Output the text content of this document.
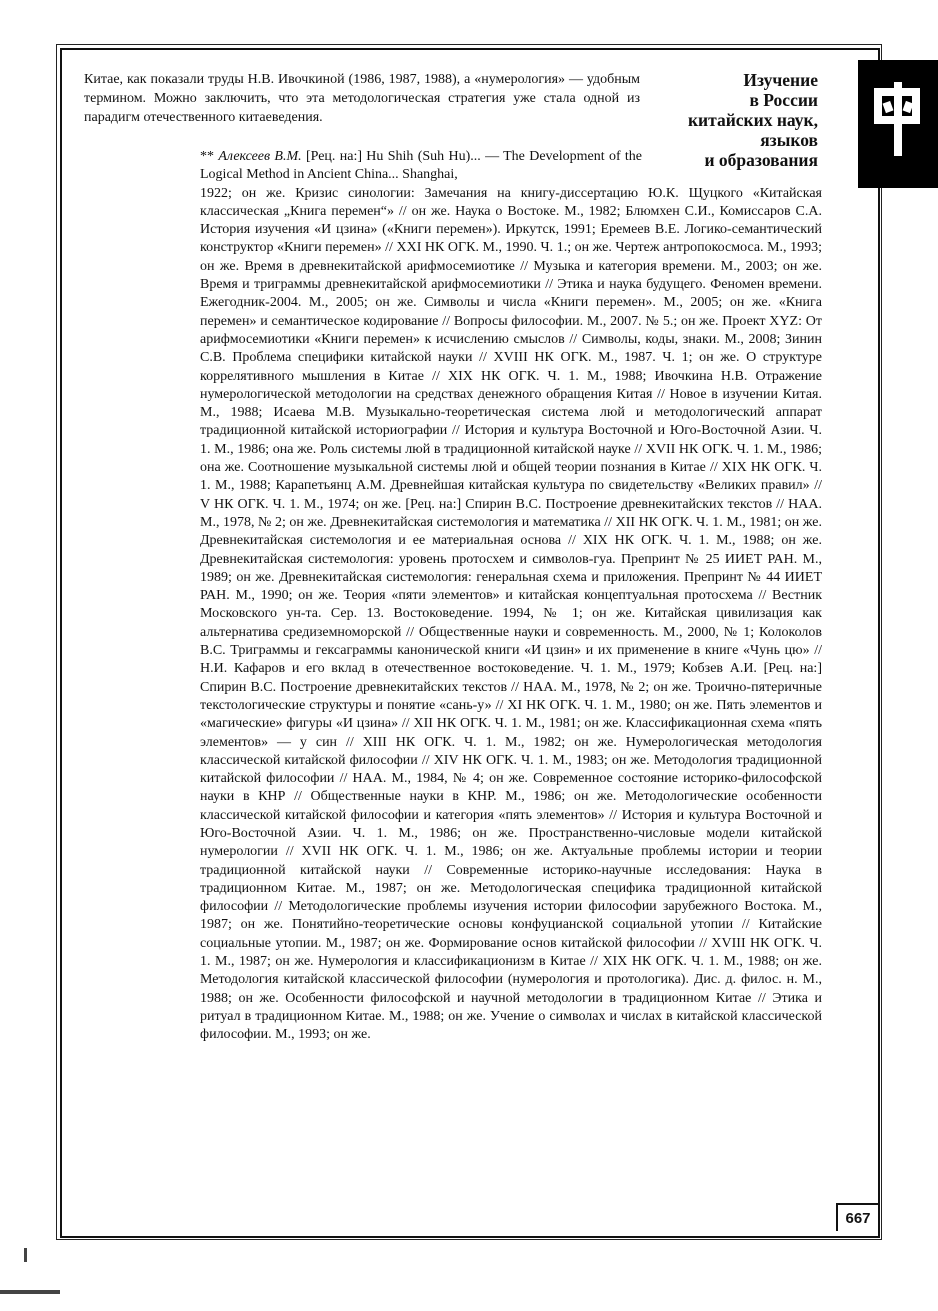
Китае, как показали труды Н.В. Ивочкиной (1986, 1987, 1988), а «нумерология» — удобным термином. Можно заключить, что эта методологическая стратегия уже стала одной из парадигм отечественного китаеведения.
Изучение
в России
китайских наук,
языков
и образования
** Алексеев В.М. [Рец. на:] Hu Shih (Suh Hu)... — The Development of the Logical Method in Ancient China... Shanghai,
1922; он же. Кризис синологии: Замечания на книгу-диссертацию Ю.К. Щуцкого «Китайская классическая „Книга перемен“» // он же. Наука о Востоке. М., 1982; Блюмхен С.И., Комиссаров С.А. История изучения «И цзина» («Книги перемен»). Иркутск, 1991; Еремеев В.Е. Логико-семантический конструктор «Книги перемен» // XXI НК ОГК. М., 1990. Ч. 1.; он же. Чертеж антропокосмоса. М., 1993; он же. Время в древнекитайской арифмосемиотике // Музыка и категория времени. М., 2003; он же. Время и триграммы древнекитайской арифмосемиотики // Этика и наука будущего. Феномен времени. Ежегодник-2004. М., 2005; он же. Символы и числа «Книги перемен». М., 2005; он же. «Книга перемен» и семантическое кодирование // Вопросы философии. М., 2007. № 5.; он же. Проект XYZ: От арифмосемиотики «Книги перемен» к исчислению смыслов // Символы, коды, знаки. М., 2008; Зинин С.В. Проблема специфики китайской науки // XVIII НК ОГК. М., 1987. Ч. 1; он же. О структуре коррелятивного мышления в Китае // XIX НК ОГК. Ч. 1. М., 1988; Ивочкина Н.В. Отражение нумерологической методологии на средствах денежного обращения Китая // Новое в изучении Китая. М., 1988; Исаева М.В. Музыкально-теоретическая система люй и методологический аппарат традиционной китайской историографии // История и культура Восточной и Юго-Восточной Азии. Ч. 1. М., 1986; она же. Роль системы люй в традиционной китайской науке // XVII НК ОГК. Ч. 1. М., 1986; она же. Соотношение музыкальной системы люй и общей теории познания в Китае // XIX НК ОГК. Ч. 1. М., 1988; Карапетьянц А.М. Древнейшая китайская культура по свидетельству «Великих правил» // V НК ОГК. Ч. 1. М., 1974; он же. [Рец. на:] Спирин В.С. Построение древнекитайских текстов // НАА. М., 1978, № 2; он же. Древнекитайская системология и математика // XII НК ОГК. Ч. 1. М., 1981; он же. Древнекитайская системология и ее материальная основа // XIX НК ОГК. Ч. 1. М., 1988; он же. Древнекитайская системология: уровень протосхем и символов-гуа. Препринт № 25 ИИЕТ РАН. М., 1989; он же. Древнекитайская системология: генеральная схема и приложения. Препринт № 44 ИИЕТ РАН. М., 1990; он же. Теория «пяти элементов» и китайская концептуальная протосхема // Вестник Московского ун-та. Сер. 13. Востоковедение. 1994, № 1; он же. Китайская цивилизация как альтернатива средиземноморской // Общественные науки и современность. М., 2000, № 1; Колоколов В.С. Триграммы и гексаграммы канонической книги «И цзин» и их применение в книге «Чунь цю» // Н.И. Кафаров и его вклад в отечественное востоковедение. Ч. 1. М., 1979; Кобзев А.И. [Рец. на:] Спирин В.С. Построение древнекитайских текстов // НАА. М., 1978, № 2; он же. Троично-пятеричные текстологические структуры и понятие «сань-у» // XI НК ОГК. Ч. 1. М., 1980; он же. Пять элементов и «магические» фигуры «И цзина» // XII НК ОГК. Ч. 1. М., 1981; он же. Классификационная схема «пять элементов» — у син // XIII НК ОГК. Ч. 1. М., 1982; он же. Нумерологическая методология классической китайской философии // XIV НК ОГК. Ч. 1. М., 1983; он же. Методология традиционной китайской философии // НАА. М., 1984, № 4; он же. Современное состояние историко-философской науки в КНР // Общественные науки в КНР. М., 1986; он же. Методологические особенности классической китайской философии и категория «пять элементов» // История и культура Восточной и Юго-Восточной Азии. Ч. 1. М., 1986; он же. Пространственно-числовые модели китайской нумерологии // XVII НК ОГК. Ч. 1. М., 1986; он же. Актуальные проблемы истории и теории традиционной китайской науки // Современные историко-научные исследования: Наука в традиционном Китае. М., 1987; он же. Методологическая специфика традиционной китайской философии // Методологические проблемы изучения истории философии зарубежного Востока. М., 1987; он же. Понятийно-теоретические основы конфуцианской социальной утопии // Китайские социальные утопии. М., 1987; он же. Формирование основ китайской философии // XVIII НК ОГК. Ч. 1. М., 1987; он же. Нумерология и классификационизм в Китае // XIX НК ОГК. Ч. 1. М., 1988; он же. Методология китайской классической философии (нумерология и протологика). Дис. д. филос. н. М., 1988; он же. Особенности философской и научной методологии в традиционном Китае // Этика и ритуал в традиционном Китае. М., 1988; он же. Учение о символах и числах в китайской классической философии. М., 1993; он же.
667
